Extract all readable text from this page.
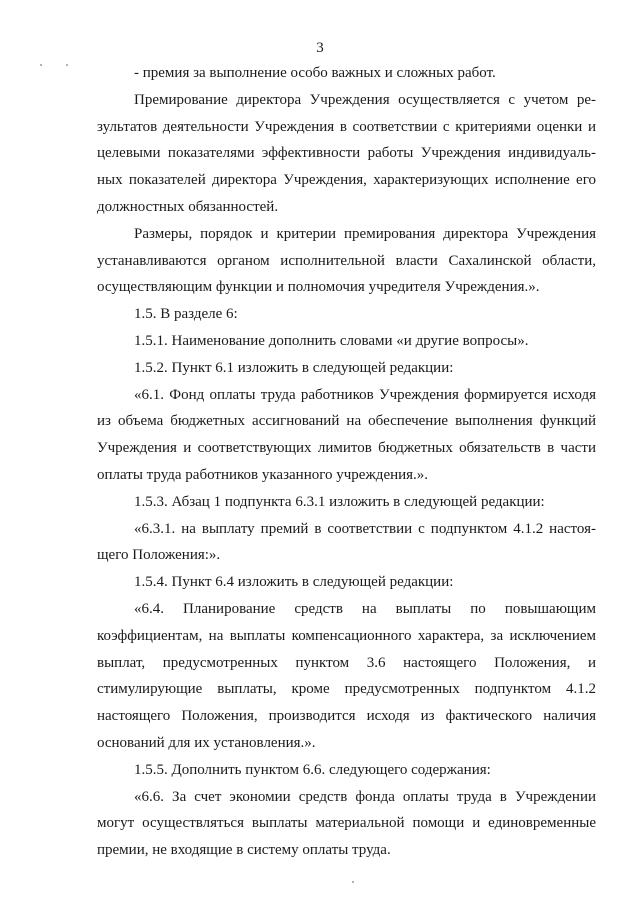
3

- премия за выполнение особо важных и сложных работ.

Премирование директора Учреждения осуществляется с учетом результатов деятельности Учреждения в соответствии с критериями оценки и целевыми показателями эффективности работы Учреждения индивидуальных показателей директора Учреждения, характеризующих исполнение его должностных обязанностей.

Размеры, порядок и критерии премирования директора Учреждения устанавливаются органом исполнительной власти Сахалинской области, осуществляющим функции и полномочия учредителя Учреждения.».

1.5. В разделе 6:

1.5.1. Наименование дополнить словами «и другие вопросы».

1.5.2. Пункт 6.1 изложить в следующей редакции:

«6.1. Фонд оплаты труда работников Учреждения формируется исходя из объема бюджетных ассигнований на обеспечение выполнения функций Учреждения и соответствующих лимитов бюджетных обязательств в части оплаты труда работников указанного учреждения.».

1.5.3. Абзац 1 подпункта 6.3.1 изложить в следующей редакции:

«6.3.1. на выплату премий в соответствии с подпунктом 4.1.2 настоящего Положения:».

1.5.4. Пункт 6.4 изложить в следующей редакции:

«6.4. Планирование средств на выплаты по повышающим коэффициентам, на выплаты компенсационного характера, за исключением выплат, предусмотренных пунктом 3.6 настоящего Положения, и стимулирующие выплаты, кроме предусмотренных подпунктом 4.1.2 настоящего Положения, производится исходя из фактического наличия оснований для их установления.».

1.5.5. Дополнить пунктом 6.6. следующего содержания:

«6.6. За счет экономии средств фонда оплаты труда в Учреждении могут осуществляться выплаты материальной помощи и единовременные премии, не входящие в систему оплаты труда.
